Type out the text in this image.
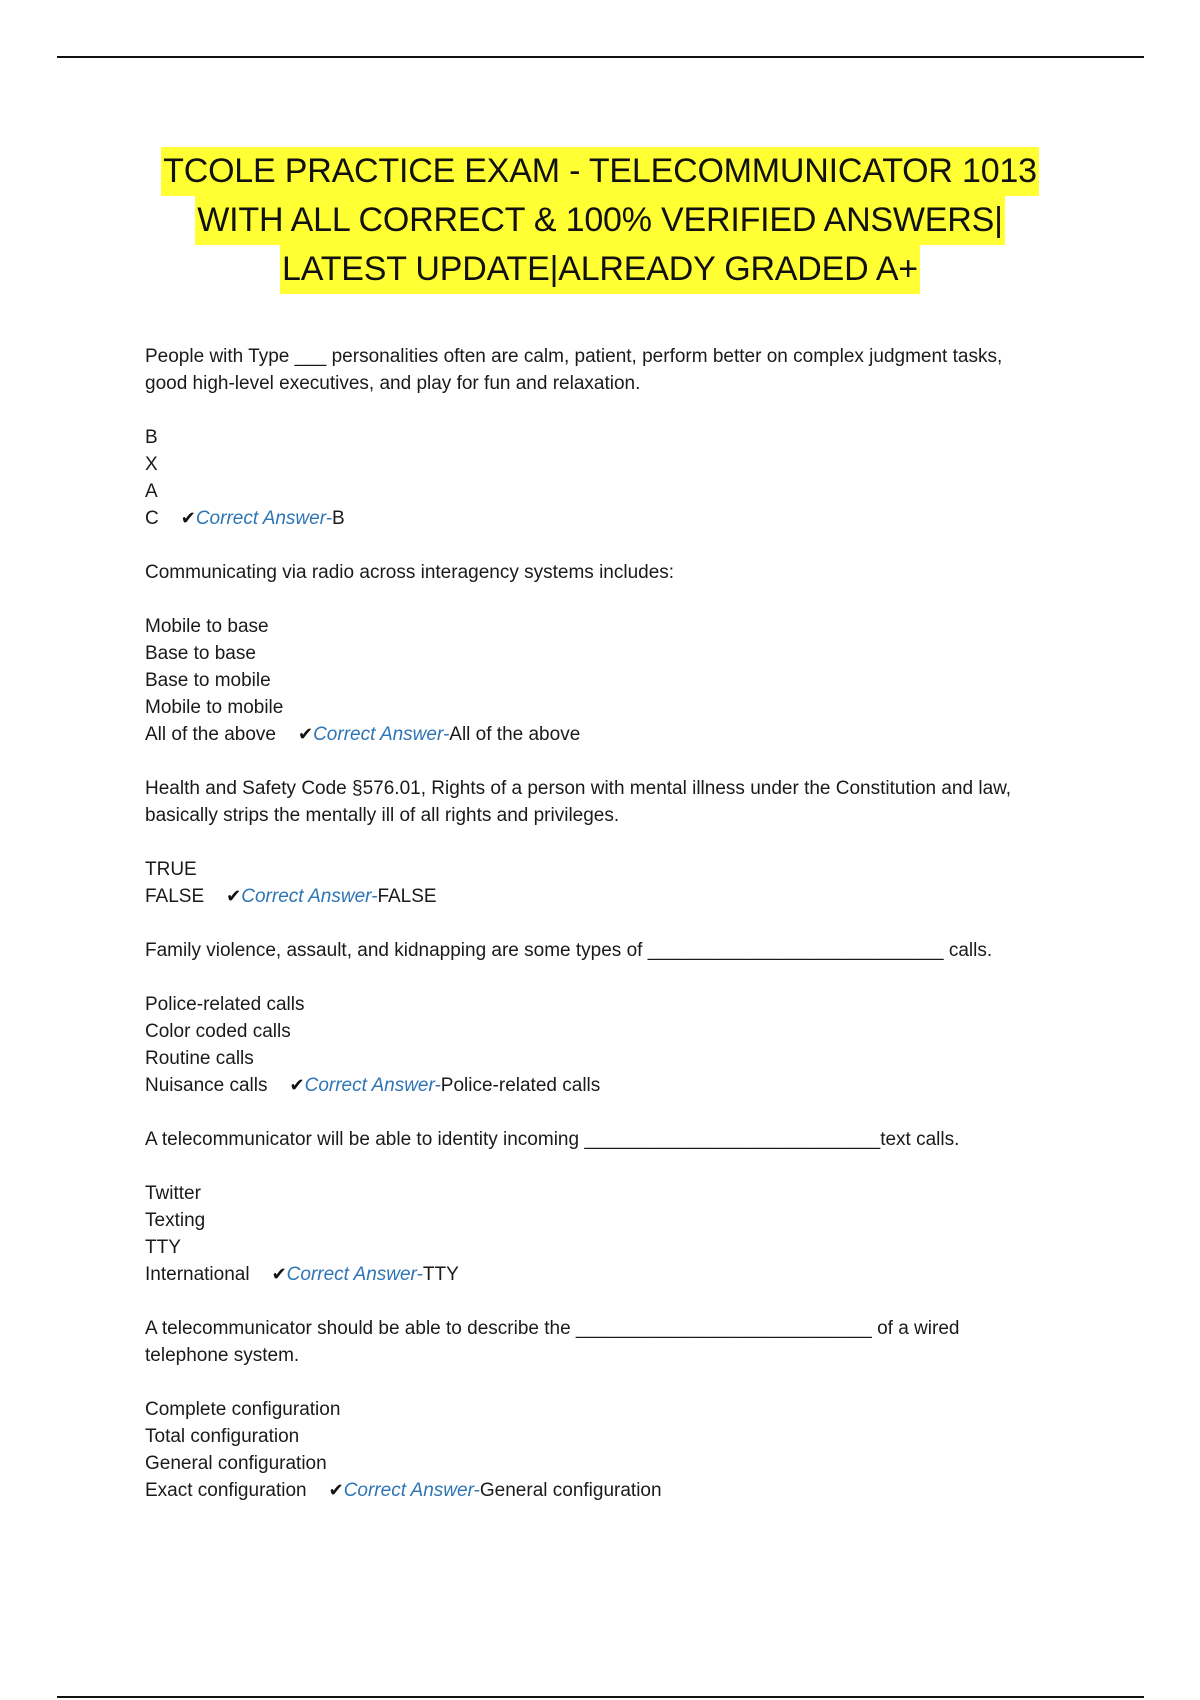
TCOLE PRACTICE EXAM - TELECOMMUNICATOR 1013
WITH ALL CORRECT & 100% VERIFIED ANSWERS|
LATEST UPDATE|ALREADY GRADED A+

People with Type ___ personalities often are calm, patient, perform better on complex judgment tasks, good high-level executives, and play for fun and relaxation.

B
X
A
C ✔Correct Answer-B

Communicating via radio across interagency systems includes:

Mobile to base
Base to base
Base to mobile
Mobile to mobile
All of the above ✔Correct Answer-All of the above

Health and Safety Code §576.01, Rights of a person with mental illness under the Constitution and law, basically strips the mentally ill of all rights and privileges.

TRUE
FALSE ✔Correct Answer-FALSE

Family violence, assault, and kidnapping are some types of ____________________________ calls.

Police-related calls
Color coded calls
Routine calls
Nuisance calls ✔Correct Answer-Police-related calls

A telecommunicator will be able to identity incoming ____________________________text calls.

Twitter
Texting
TTY
International ✔Correct Answer-TTY

A telecommunicator should be able to describe the ____________________________ of a wired telephone system.

Complete configuration
Total configuration
General configuration
Exact configuration ✔Correct Answer-General configuration
